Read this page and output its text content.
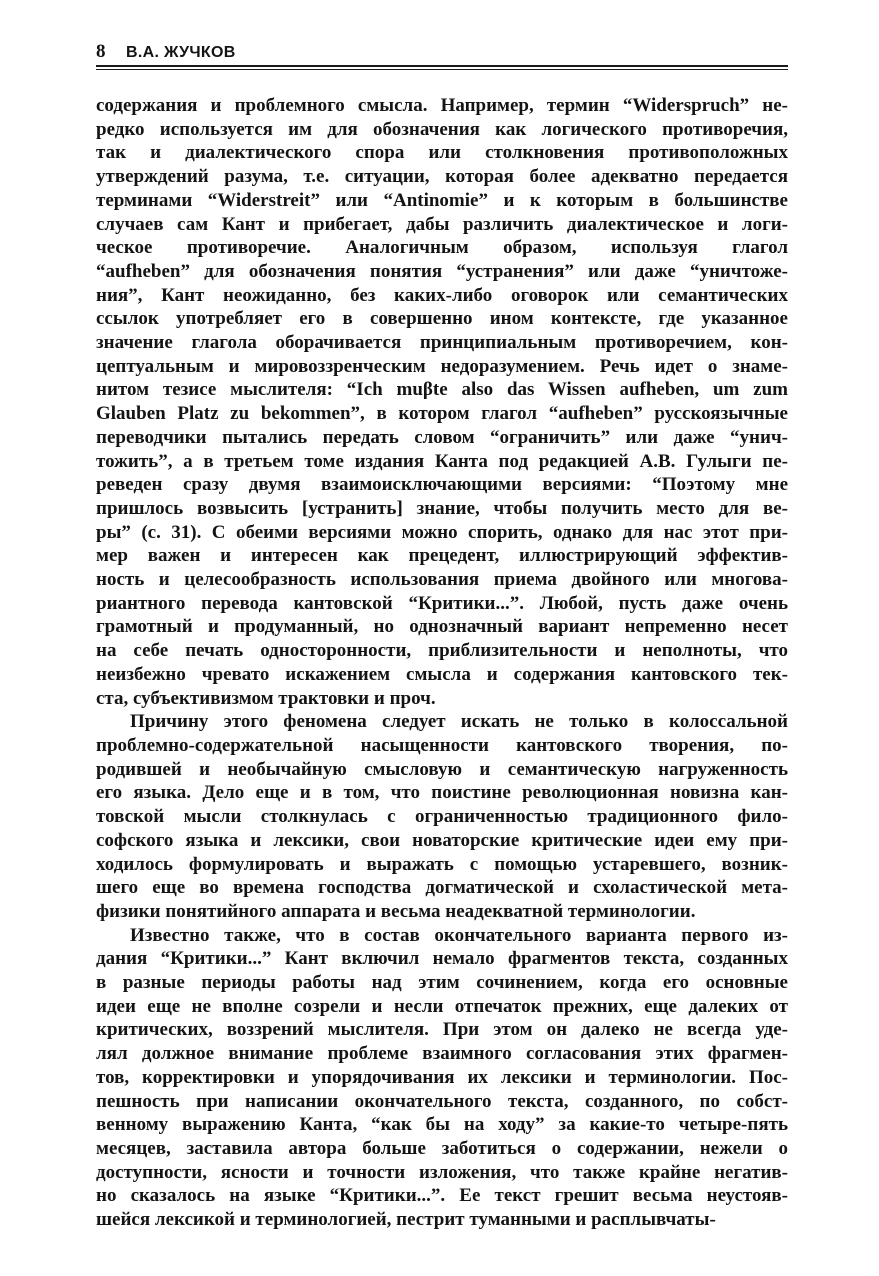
8 В.А. ЖУЧКОВ

содержания и проблемного смысла. Например, термин “Widerspruch” не-
редко используется им для обозначения как логического противоречия,
так и диалектического спора или столкновения противоположных
утверждений разума, т.е. ситуации, которая более адекватно передается
терминами “Widerstreit” или “Antinomie” и к которым в большинстве
случаев сам Кант и прибегает, дабы различить диалектическое и логи-
ческое противоречие. Аналогичным образом, используя глагол
“aufheben” для обозначения понятия “устранения” или даже “уничтоже-
ния”, Кант неожиданно, без каких-либо оговорок или семантических
ссылок употребляет его в совершенно ином контексте, где указанное
значение глагола оборачивается принципиальным противоречием, кон-
цептуальным и мировоззренческим недоразумением. Речь идет о знаме-
нитом тезисе мыслителя: “Ich muβte also das Wissen aufheben, um zum
Glauben Platz zu bekommen”, в котором глагол “aufheben” русскоязычные
переводчики пытались передать словом “ограничить” или даже “унич-
тожить”, а в третьем томе издания Канта под редакцией А.В. Гулыги пе-
реведен сразу двумя взаимоисключающими версиями: “Поэтому мне
пришлось возвысить [устранить] знание, чтобы получить место для ве-
ры” (с. 31). С обеими версиями можно спорить, однако для нас этот при-
мер важен и интересен как прецедент, иллюстрирующий эффектив-
ность и целесообразность использования приема двойного или многова-
риантного перевода кантовской “Критики...”. Любой, пусть даже очень
грамотный и продуманный, но однозначный вариант непременно несет
на себе печать односторонности, приблизительности и неполноты, что
неизбежно чревато искажением смысла и содержания кантовского тек-
ста, субъективизмом трактовки и проч.

Причину этого феномена следует искать не только в колоссальной
проблемно-содержательной насыщенности кантовского творения, по-
родившей и необычайную смысловую и семантическую нагруженность
его языка. Дело еще и в том, что поистине революционная новизна кан-
товской мысли столкнулась с ограниченностью традиционного фило-
софского языка и лексики, свои новаторские критические идеи ему при-
ходилось формулировать и выражать с помощью устаревшего, возник-
шего еще во времена господства догматической и схоластической мета-
физики понятийного аппарата и весьма неадекватной терминологии.

Известно также, что в состав окончательного варианта первого из-
дания “Критики...” Кант включил немало фрагментов текста, созданных
в разные периоды работы над этим сочинением, когда его основные
идеи еще не вполне созрели и несли отпечаток прежних, еще далеких от
критических, воззрений мыслителя. При этом он далеко не всегда уде-
лял должное внимание проблеме взаимного согласования этих фрагмен-
тов, корректировки и упорядочивания их лексики и терминологии. Пос-
пешность при написании окончательного текста, созданного, по собст-
венному выражению Канта, “как бы на ходу” за какие-то четыре-пять
месяцев, заставила автора больше заботиться о содержании, нежели о
доступности, ясности и точности изложения, что также крайне негатив-
но сказалось на языке “Критики...”. Ее текст грешит весьма неустояв-
шейся лексикой и терминологией, пестрит туманными и расплывчаты-
